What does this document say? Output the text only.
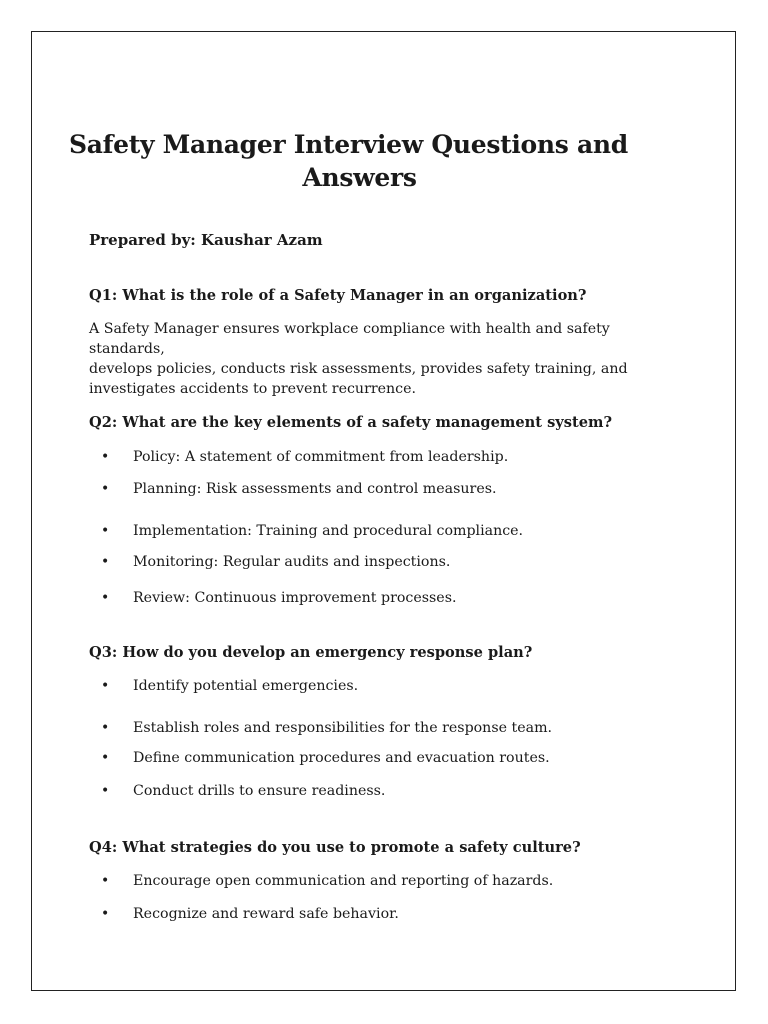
Safety Manager Interview Questions and
Answers
Prepared by: Kaushar Azam
Q1: What is the role of a Safety Manager in an organization?
A Safety Manager ensures workplace compliance with health and safety standards,
develops policies, conducts risk assessments, provides safety training, and
investigates accidents to prevent recurrence.
Q2: What are the key elements of a safety management system?
• Policy: A statement of commitment from leadership.
• Planning: Risk assessments and control measures.
• Implementation: Training and procedural compliance.
• Monitoring: Regular audits and inspections.
• Review: Continuous improvement processes.
Q3: How do you develop an emergency response plan?
• Identify potential emergencies.
• Establish roles and responsibilities for the response team.
• Define communication procedures and evacuation routes.
• Conduct drills to ensure readiness.
Q4: What strategies do you use to promote a safety culture?
• Encourage open communication and reporting of hazards.
• Recognize and reward safe behavior.
